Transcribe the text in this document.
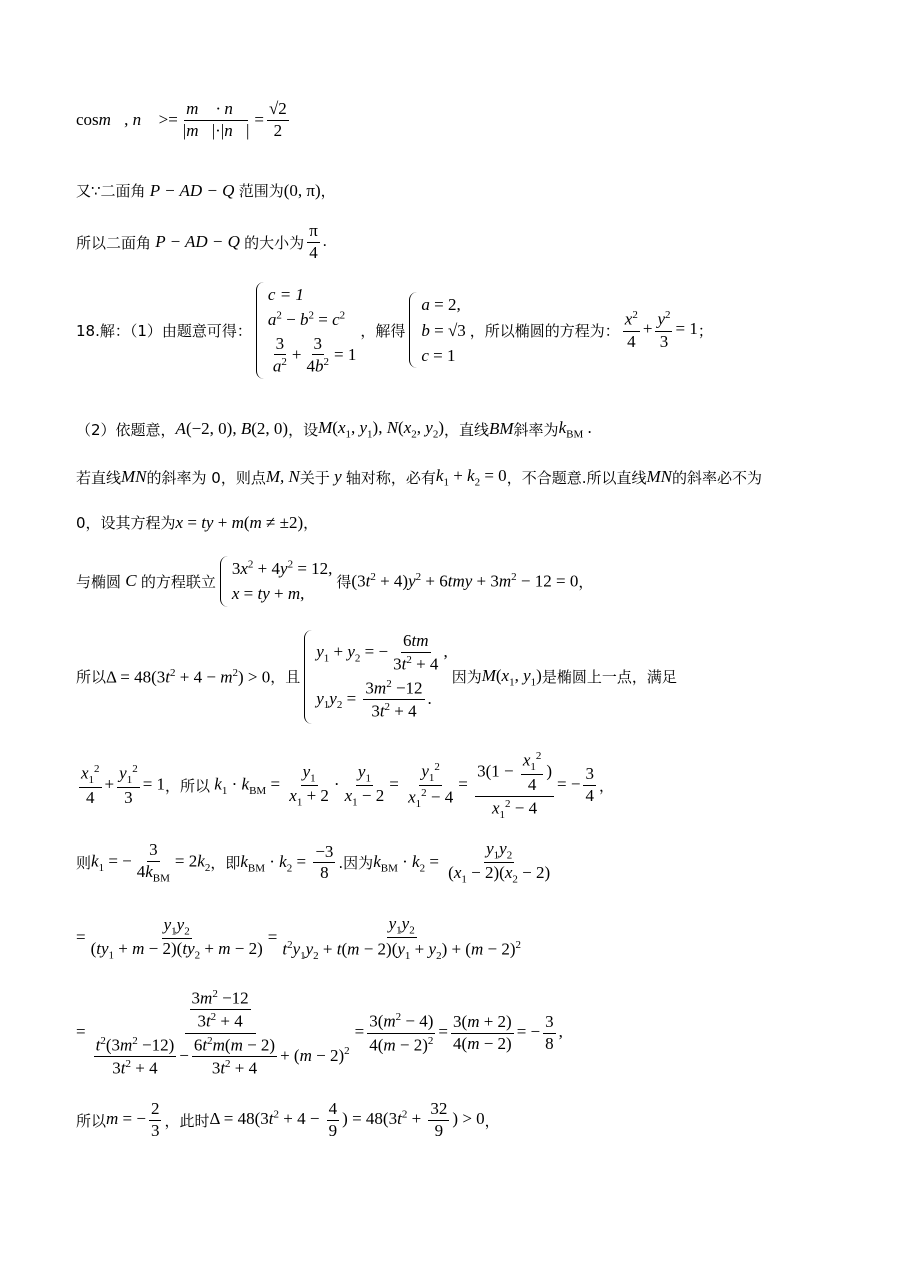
cosm⃗, n⃗ >= $\frac{m⃗ \cdot n⃗}{|m⃗|\cdot|n⃗|} = \frac{√2}{2}$
又∵二面角 P − AD − Q 范围为 (0, π) ，
所以二面角 P − AD − Q 的大小为 $\frac{\pi}{4}$ .
18.解：（1）由题意可得：
c = 1
$a^2 - b^2 = c^2$
$\frac{3}{a^2} + \frac{3}{4b^2} = 1$
，解得
a = 2,
b = √3
c = 1
，所以椭圆的方程为： $\frac{x^2}{4} + \frac{y^2}{3} = 1$ ；
（2）依题意， A(−2, 0), B(2, 0) ，设 $M(x_1$, $y_1$), $N(x_2$, $y_2$) ，直线 BM 斜率为 $k_{BM}$ .
若直线 MN 的斜率为 0，则点 M, N 关于 y 轴对称，必有 $k_1 + k_2 = 0$ ，不合题意.所以直线 MN 的斜率必不为
0，设其方程为 x = ty + m(m ≠ ±2) ，
与椭圆 C 的方程联立
$3x^2 + 4y^2 = 12$,
x = ty + m,
得 $(3t^2 + 4)y^2 + 6tmy + 3m^2 - 12 = 0$ ，
所以 $\Delta = 48(3t^2 + 4 - m^2) > 0$ ，且
$y_1 + y_2$ = − $\frac{6tm}{3t^2 + 4}$ ,
$y_1y_2 = \frac{3m^2 -12}{3t^2 + 4}$ .
因为 $M(x_1$, $y_1$) 是椭圆上一点，满足
$\frac{x_1^2}{4} + \frac{y_1^2}{3} = 1$ ，所以 $k_1 \cdot k_{BM} = \frac{y_1}{x_1 + 2} \cdot \frac{y_1}{x_1 - 2} = \frac{y_1^2}{x_1^2 - 4} = \frac{3(1 - \frac{x_1^2}{4} )}{x_1^2 - 4}$ = − $\frac{3}{4}$ ，
则 $k_1$ = − $\frac{3}{4k_{BM}} = 2k_2$ ，即 $k_{BM} \cdot k_2 = \frac{-3}{8}$ .因为 $k_{BM} \cdot k_2 = \frac{y_1y_2}{(x_1 - 2)(x_2 - 2)}$
= $\frac{y_1y_2}{(ty_1 + m - 2)(ty_2 + m - 2)} = \frac{y_1y_2}{t^2y_1y_2 + t(m - 2)(y_1 + y_2) + (m - 2)^2}$
= $\frac{\frac{3m^2 -12}{3t^2 + 4}}{\frac{t^2(3m^2 -12)}{3t^2 + 4} - \frac{6t^2m(m - 2)}{3t^2 + 4} + (m - 2)^2} = \frac{3(m^2 - 4)}{4(m - 2)^2} = \frac{3(m + 2)}{4(m - 2)}$ = − $\frac{3}{8}$ ,
所以 m = − $\frac{2}{3}$ ，此时 $\Delta = 48(3t^2 + 4 - \frac{4}{9}$ ) = $48(3t^2 + \frac{32}{9}$ ) > 0 ，
